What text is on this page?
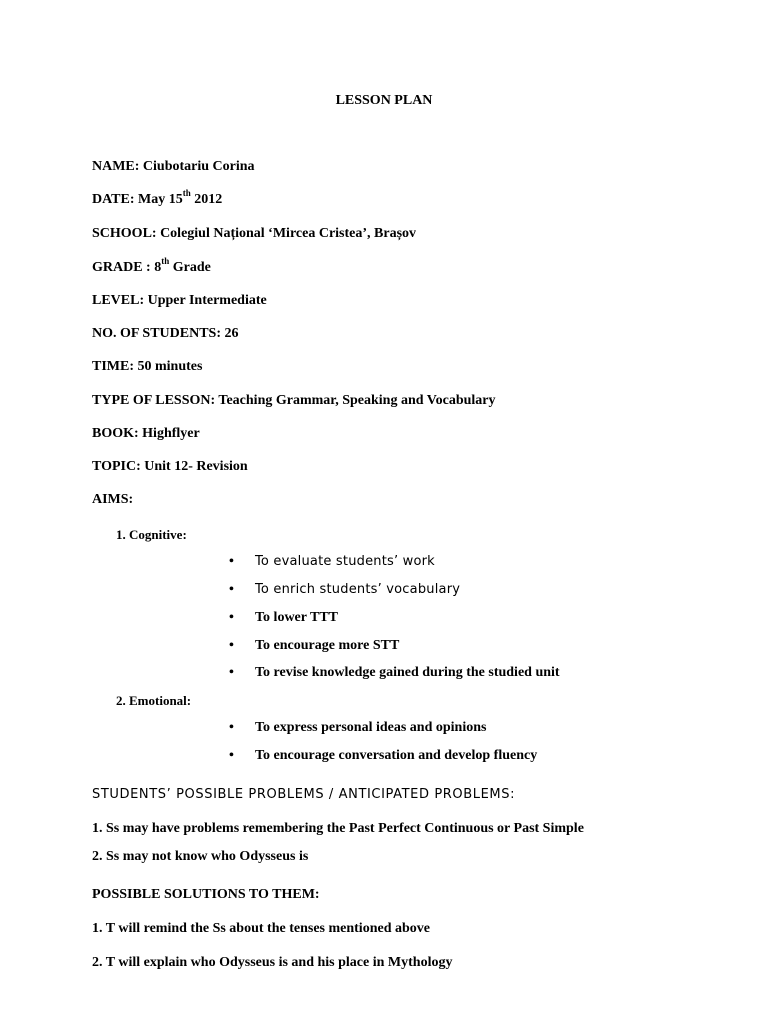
LESSON PLAN
NAME: Ciubotariu Corina
DATE: May 15th 2012
SCHOOL: Colegiul Național ‘Mircea Cristea’, Brașov
GRADE : 8th Grade
LEVEL: Upper Intermediate
NO. OF STUDENTS: 26
TIME: 50 minutes
TYPE OF LESSON: Teaching Grammar, Speaking and Vocabulary
BOOK: Highflyer
TOPIC: Unit 12- Revision
AIMS:
1. Cognitive:
• To evaluate students’ work
• To enrich students’ vocabulary
• To lower TTT
• To encourage more STT
• To revise knowledge gained during the studied unit
2. Emotional:
• To express personal ideas and opinions
• To encourage conversation and develop fluency
STUDENTS’ POSSIBLE PROBLEMS / ANTICIPATED PROBLEMS:
1. Ss may have problems remembering the Past Perfect Continuous or Past Simple
2. Ss may not know who Odysseus is
POSSIBLE SOLUTIONS TO THEM:
1. T will remind the Ss about the tenses mentioned above
2. T will explain who Odysseus is and his place in Mythology
